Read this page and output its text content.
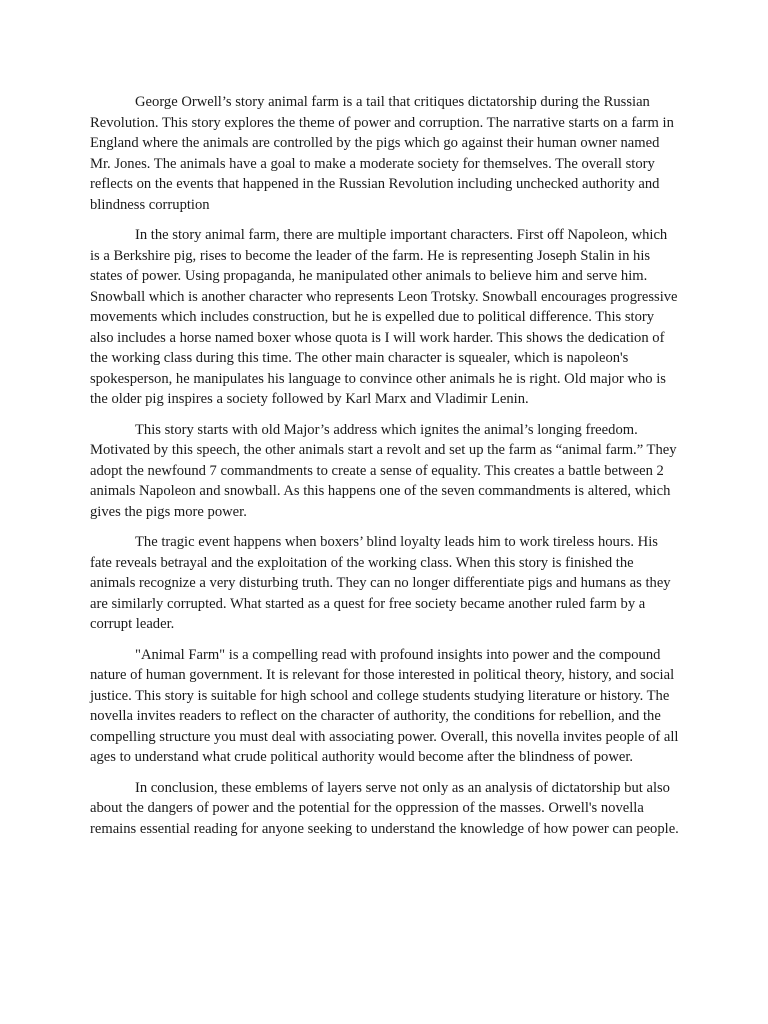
George Orwell’s story animal farm is a tail that critiques dictatorship during the Russian Revolution. This story explores the theme of power and corruption. The narrative starts on a farm in England where the animals are controlled by the pigs which go against their human owner named Mr. Jones. The animals have a goal to make a moderate society for themselves. The overall story reflects on the events that happened in the Russian Revolution including unchecked authority and blindness corruption

In the story animal farm, there are multiple important characters. First off Napoleon, which is a Berkshire pig, rises to become the leader of the farm. He is representing Joseph Stalin in his states of power. Using propaganda, he manipulated other animals to believe him and serve him. Snowball which is another character who represents Leon Trotsky. Snowball encourages progressive movements which includes construction, but he is expelled due to political difference. This story also includes a horse named boxer whose quota is I will work harder. This shows the dedication of the working class during this time. The other main character is squealer, which is napoleon's spokesperson, he manipulates his language to convince other animals he is right. Old major who is the older pig inspires a society followed by Karl Marx and Vladimir Lenin.

This story starts with old Major’s address which ignites the animal’s longing freedom. Motivated by this speech, the other animals start a revolt and set up the farm as “animal farm.” They adopt the newfound 7 commandments to create a sense of equality. This creates a battle between 2 animals Napoleon and snowball. As this happens one of the seven commandments is altered, which gives the pigs more power.

The tragic event happens when boxers’ blind loyalty leads him to work tireless hours. His fate reveals betrayal and the exploitation of the working class. When this story is finished the animals recognize a very disturbing truth. They can no longer differentiate pigs and humans as they are similarly corrupted. What started as a quest for free society became another ruled farm by a corrupt leader.

"Animal Farm" is a compelling read with profound insights into power and the compound nature of human government. It is relevant for those interested in political theory, history, and social justice. This story is suitable for high school and college students studying literature or history. The novella invites readers to reflect on the character of authority, the conditions for rebellion, and the compelling structure you must deal with associating power. Overall, this novella invites people of all ages to understand what crude political authority would become after the blindness of power.

In conclusion, these emblems of layers serve not only as an analysis of dictatorship but also about the dangers of power and the potential for the oppression of the masses. Orwell's novella remains essential reading for anyone seeking to understand the knowledge of how power can people.
